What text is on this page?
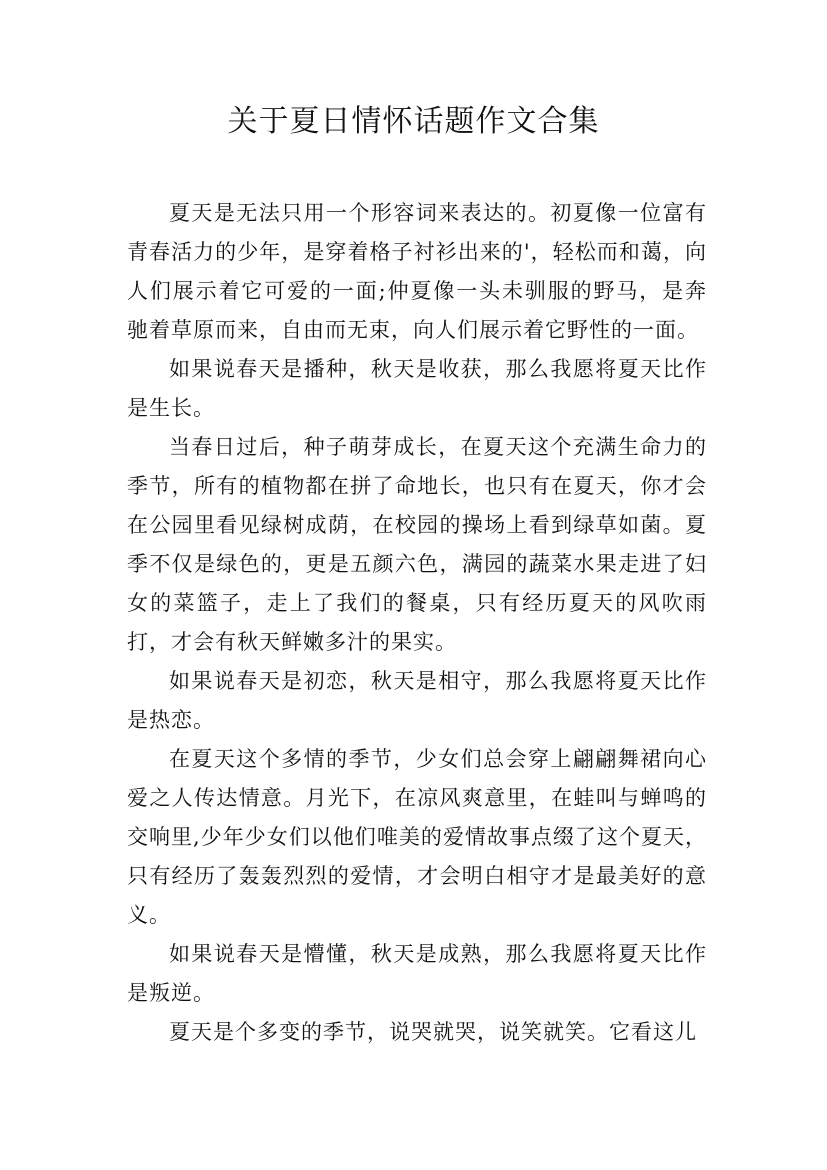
关于夏日情怀话题作文合集

夏天是无法只用一个形容词来表达的。初夏像一位富有青春活力的少年，是穿着格子衬衫出来的'，轻松而和蔼，向人们展示着它可爱的一面;仲夏像一头未驯服的野马，是奔驰着草原而来，自由而无束，向人们展示着它野性的一面。

如果说春天是播种，秋天是收获，那么我愿将夏天比作是生长。

当春日过后，种子萌芽成长，在夏天这个充满生命力的季节，所有的植物都在拼了命地长，也只有在夏天，你才会在公园里看见绿树成荫，在校园的操场上看到绿草如菌。夏季不仅是绿色的，更是五颜六色，满园的蔬菜水果走进了妇女的菜篮子，走上了我们的餐桌，只有经历夏天的风吹雨打，才会有秋天鲜嫩多汁的果实。

如果说春天是初恋，秋天是相守，那么我愿将夏天比作是热恋。

在夏天这个多情的季节，少女们总会穿上翩翩舞裙向心爱之人传达情意。月光下，在凉风爽意里，在蛙叫与蝉鸣的交响里,少年少女们以他们唯美的爱情故事点缀了这个夏天，只有经历了轰轰烈烈的爱情，才会明白相守才是最美好的意义。

如果说春天是懵懂，秋天是成熟，那么我愿将夏天比作是叛逆。

夏天是个多变的季节，说哭就哭，说笑就笑。它看这儿
